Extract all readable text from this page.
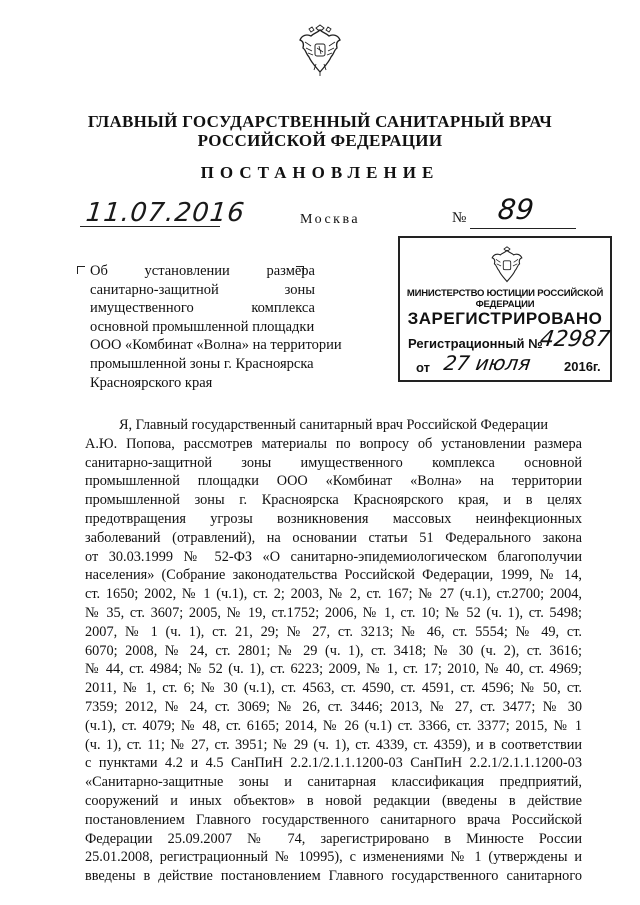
ГЛАВНЫЙ ГОСУДАРСТВЕННЫЙ САНИТАРНЫЙ ВРАЧ
РОССИЙСКОЙ ФЕДЕРАЦИИ
ПОСТАНОВЛЕНИЕ
11.07.2016	Москва	№ 89
Об установлении размера
санитарно-защитной зоны
имущественного комплекса
основной промышленной площадки
ООО «Комбинат «Волна» на территории
промышленной зоны г. Красноярска
Красноярского края
МИНИСТЕРСТВО ЮСТИЦИИ РОССИЙСКОЙ ФЕДЕРАЦИИ
ЗАРЕГИСТРИРОВАНО
Регистрационный №
42987
от 27 июля 2016г.
Я, Главный государственный санитарный врач Российской Федерации
А.Ю. Попова, рассмотрев материалы по вопросу об установлении размера
санитарно-защитной зоны имущественного комплекса основной
промышленной площадки ООО «Комбинат «Волна» на территории
промышленной зоны г. Красноярска Красноярского края, и в целях
предотвращения угрозы возникновения массовых неинфекционных
заболеваний (отравлений), на основании статьи 51 Федерального закона
от 30.03.1999 № 52-ФЗ «О санитарно-эпидемиологическом благополучии
населения» (Собрание законодательства Российской Федерации, 1999, № 14,
ст. 1650; 2002, № 1 (ч.1), ст. 2; 2003, № 2, ст. 167; № 27 (ч.1), ст.2700; 2004,
№ 35, ст. 3607; 2005, № 19, ст.1752; 2006, № 1, ст. 10; № 52 (ч. 1), ст. 5498;
2007, № 1 (ч. 1), ст. 21, 29; № 27, ст. 3213; № 46, ст. 5554; № 49, ст.
6070; 2008, № 24, ст. 2801; № 29 (ч. 1), ст. 3418; № 30 (ч. 2), ст. 3616;
№ 44, ст. 4984; № 52 (ч. 1), ст. 6223; 2009, № 1, ст. 17; 2010, № 40, ст. 4969;
2011, № 1, ст. 6; № 30 (ч.1), ст. 4563, ст. 4590, ст. 4591, ст. 4596; № 50, ст.
7359; 2012, № 24, ст. 3069; № 26, ст. 3446; 2013, № 27, ст. 3477; № 30
(ч.1), ст. 4079; № 48, ст. 6165; 2014, № 26 (ч.1) ст. 3366, ст. 3377; 2015, № 1
(ч. 1), ст. 11; № 27, ст. 3951; № 29 (ч. 1), ст. 4339, ст. 4359), и в соответствии
с пунктами 4.2 и 4.5 СанПиН 2.2.1/2.1.1.1200-03 СанПиН 2.2.1/2.1.1.1200-03
«Санитарно-защитные зоны и санитарная классификация предприятий,
сооружений и иных объектов» в новой редакции (введены в действие
постановлением Главного государственного санитарного врача Российской
Федерации 25.09.2007 № 74, зарегистрировано в Минюсте России
25.01.2008, регистрационный № 10995), с изменениями № 1 (утверждены и
введены в действие постановлением Главного государственного санитарного
